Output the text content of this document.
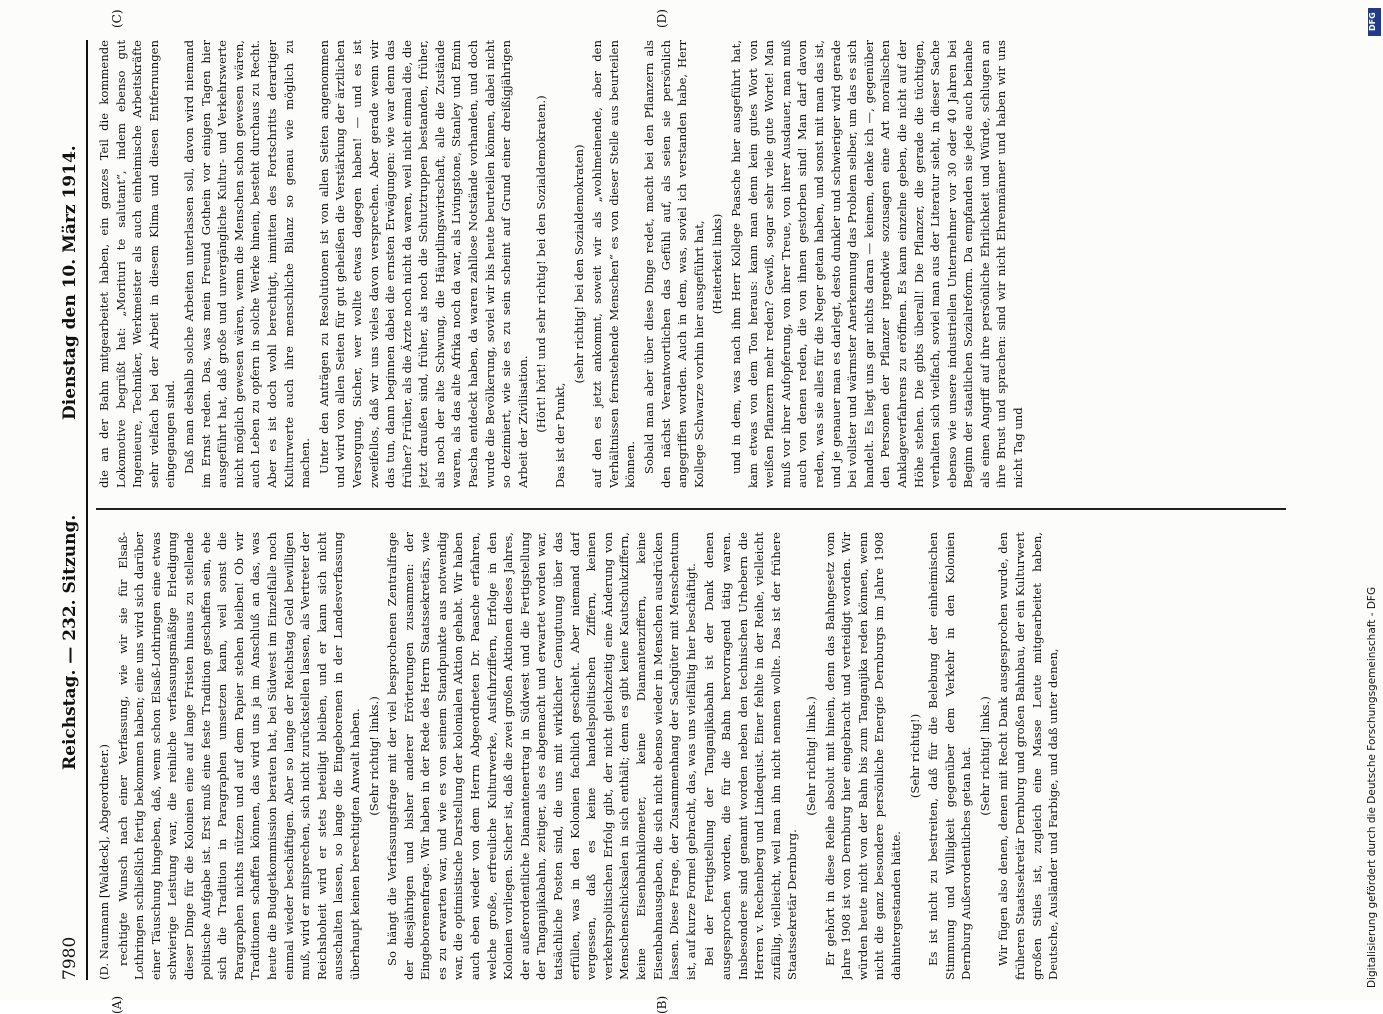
7980
Reichstag. — 232. Sitzung.
Dienstag den 10. März 1914.
(A)	(B)
(C)	(D)

(D. Naumann [Waldeck], Abgeordneter.) rechtigte Wunsch nach einer Verfassung, wie wir sie für Elsaß-Lothringen schließlich fertig bekommen haben; eine uns wird sich darüber einer Täuschung hingeben, daß, wenn schon Elsaß-Lothringen eine etwas schwierige Leistung war, die reinliche verfassungsmäßige Erledigung dieser Dinge für die Kolonien eine auf lange Fristen hinaus zu stellende politische Aufgabe ist. Erst muß eine feste Tradition geschaffen sein, ehe sich die Tradition in Paragraphen umsetzen kann, weil sonst die Paragraphen nichts nützen und auf dem Papier stehen bleiben! Ob wir Traditionen schaffen können, das wird uns ja im Anschluß an das, was heute die Budgetkommission beraten hat, bei Südwest im Einzelfalle noch einmal wieder beschäftigen. Aber so lange der Reichstag Geld bewilligen muß, wird er mitsprechen, sich nicht zurückstellen lassen, als Vertreter der Reichshoheit wird er stets beteiligt bleiben, und er kann sich nicht ausschalten lassen, so lange die Eingeborenen in der Landesverfassung überhaupt keinen berechtigten Anwalt haben. (Sehr richtig! links.) So hängt die Verfassungsfrage mit der viel besprochenen Zentralfrage der diesjährigen und bisher anderer Erörterungen zusammen: der Eingeborenenfrage. Wir haben in der Rede des Herrn Staatssekretärs, wie es zu erwarten war, und wie es von seinem Standpunkte aus notwendig war, die optimistische Darstellung der kolonialen Aktion gehabt. Wir haben auch eben wieder von dem Herrn Abgeordneten Dr. Paasche erfahren, welche große, erfreuliche Kulturwerke, Ausfuhrziffern, Erfolge in den Kolonien vorliegen. Sicher ist, daß die zwei großen Aktionen dieses Jahres, der außerordentliche Diamantenertrag in Südwest und die Fertigstellung der Tanganjikabahn, zeitiger, als es abgemacht und erwartet worden war, tatsächliche Posten sind, die uns mit wirklicher Genugtuung über das erfüllen, was in den Kolonien fachlich geschieht. Aber niemand darf vergessen, daß es keine handelspolitischen Ziffern, keinen verkehrspolitischen Erfolg gibt, der nicht gleichzeitig eine Änderung von Menschenschicksalen in sich enthält; denn es gibt keine Kautschukziffern, keine Eisenbahnkilometer, keine Diamantenziffern, keine Eisenbahnausgaben, die sich nicht ebenso wieder in Menschen ausdrücken lassen. Diese Frage, der Zusammenhang der Sachgüter mit Menschentum ist, auf kurze Formel gebracht, das, was uns vielfältig hier beschäftigt. Bei der Fertigstellung der Tanganjikabahn ist der Dank denen ausgesprochen worden, die für die Bahn hervorragend tätig waren. Insbesondere sind genannt worden neben den technischen Urhebern die Herren v. Rechenberg und Lindequist. Einer fehlte in der Reihe, vielleicht zufällig, vielleicht, weil man ihn nicht nennen wollte. Das ist der frühere Staatssekretär Dernburg.

(Sehr richtig! links.) Er gehört in diese Reihe absolut mit hinein, denn das Bahngesetz vom Jahre 1908 ist von Dernburg hier eingebracht und verteidigt worden. Wir würden heute nicht von der Bahn bis zum Tanganjika reden können, wenn nicht die ganz besondere persönliche Energie Dernburgs im Jahre 1908 dahintergestanden hätte.

(Sehr richtig!) Es ist nicht zu bestreiten, daß für die Belebung der einheimischen Stimmung und Willigkeit gegenüber dem Verkehr in den Kolonien Dernburg Außerordentliches getan hat. (Sehr richtig! links.) Wir fügen also denen, denen mit Recht Dank ausgesprochen wurde, den früheren Staatssekretär Dernburg und großen Bahnbau, der ein Kulturwert großen Stiles ist, zugleich eine Masse Leute mitgearbeitet haben, Deutsche, Ausländer und Farbige, und daß unter denen,

die an der Bahn mitgearbeitet haben, ein ganzes Teil die kommende Lokomotive begrüßt hat: „Morituri te salutant“, indem ebenso gut Ingenieure, Techniker, Werkmeister als auch einheimische Arbeitskräfte sehr vielfach bei der Arbeit in diesem Klima und diesen Entfernungen eingegangen sind. Daß man deshalb solche Arbeiten unterlassen soll, davon wird niemand im Ernst reden. Das, was mein Freund Gothein vor einigen Tagen hier ausgeführt hat, daß große und unvergängliche Kultur- und Verkehrswerte nicht möglich gewesen wären, wenn die Menschen schon gewesen wären, auch Leben zu opfern in solche Werke hinein, besteht durchaus zu Recht. Aber es ist doch wohl berechtigt, inmitten des Fortschritts derartiger Kulturwerte auch ihre menschliche Bilanz so genau wie möglich zu machen. Unter den Anträgen zu Resolutionen ist von allen Seiten angenommen und wird von allen Seiten für gut geheißen die Verstärkung der ärztlichen Versorgung. Sicher, wer wollte etwas dagegen haben! — und es ist zweifellos, daß wir uns vieles davon versprechen. Aber gerade wenn wir das tun, dann beginnen dabei die ernsten Erwägungen: wie war denn das früher? Früher, als die Ärzte noch nicht da waren, weil nicht einmal die, die jetzt draußen sind, früher, als noch die Schutztruppen bestanden, früher, als noch der alte Schwung, die Häuptlingswirtschaft, alle die Zustände waren, als das alte Afrika noch da war, als Livingstone, Stanley und Emin Pascha entdeckt haben, da waren zahllose Notstände vorhanden, und doch wurde die Bevölkerung, soviel wir bis heute beurteilen können, dabei nicht so dezimiert, wie sie es zu sein scheint auf Grund einer dreißigjährigen Arbeit der Zivilisation. (Hört! hört! und sehr richtig! bei den Sozialdemokraten.)

Das ist der Punkt,

(sehr richtig! bei den Sozialdemokraten) auf den es jetzt ankommt, soweit wir als „wohlmeinende, aber den Verhältnissen fernstehende Menschen“ es von dieser Stelle aus beurteilen können. Sobald man aber über diese Dinge redet, macht bei den Pflanzern als den nächst Verantwortlichen das Gefühl auf, als seien sie persönlich angegriffen worden. Auch in dem, was, soviel ich verstanden habe, Herr Kollege Schwarze vorhin hier ausgeführt hat, (Heiterkeit links) und in dem, was nach ihm Herr Kollege Paasche hier ausgeführt hat, kam etwas von dem Ton heraus: kann man denn kein gutes Wort von weißen Pflanzern mehr reden? Gewiß, sogar sehr viele gute Worte! Man muß vor ihrer Aufopferung, von ihrer Treue, von ihrer Ausdauer, man muß auch von denen reden, die von ihnen gestorben sind! Man darf davon reden, was sie alles für die Neger getan haben, und sonst mit man das ist, und je genauer man es darlegt, desto dunkler und schwieriger wird gerade bei vollster und wärmster Anerkennung das Problem selber, um das es sich handelt. Es liegt uns gar nichts daran — keinem, denke ich —, gegenüber den Personen der Pflanzer irgendwie sozusagen eine Art moralischen Anklageverfahrens zu eröffnen. Es kann einzelne geben, die nicht auf der Höhe stehen. Die gibts überall! Die Pflanzer, die gerade die tüchtigen, verhalten sich vielfach, soviel man aus der Literatur sieht, in dieser Sache ebenso wie unsere industriellen Unternehmer vor 30 oder 40 Jahren bei Beginn der staatlichen Sozialreform. Da empfanden sie jede auch beinahe als einen Angriff auf ihre persönliche Ehrlichkeit und Würde, schlugen an ihre Brust und sprachen: sind wir nicht Ehrenmänner und haben wir uns nicht Tag und

DFG
Digitalisierung gefördert durch die Deutsche Forschungsgemeinschaft - DFG
